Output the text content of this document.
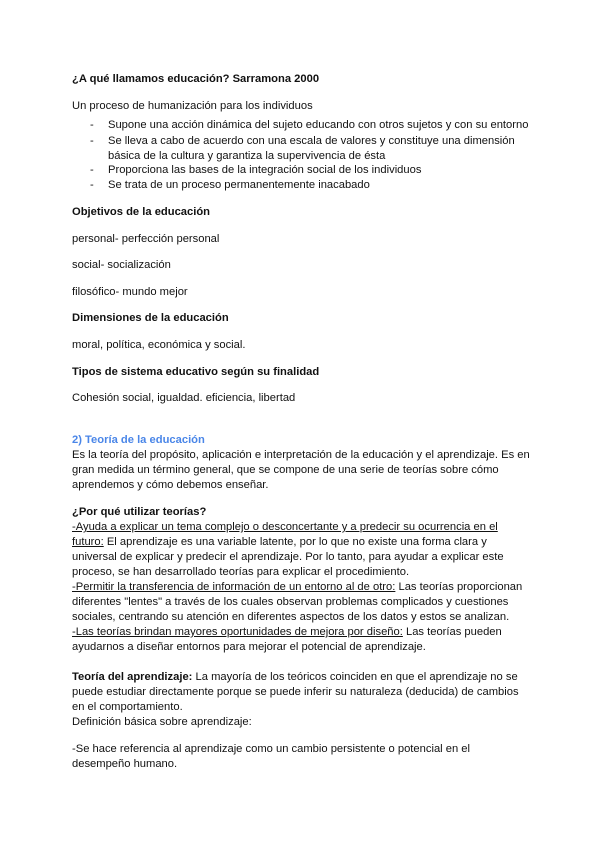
¿A qué llamamos educación? Sarramona 2000
Un proceso de humanización para los individuos
- Supone una acción dinámica del sujeto educando con otros sujetos y con su entorno
- Se lleva a cabo de acuerdo con una escala de valores y constituye una dimensión
básica de la cultura y garantiza la supervivencia de ésta
- Proporciona las bases de la integración social de los individuos
- Se trata de un proceso permanentemente inacabado
Objetivos de la educación
personal- perfección personal
social- socialización
filosófico- mundo mejor
Dimensiones de la educación
moral, política, económica y social.
Tipos de sistema educativo según su finalidad
Cohesión social, igualdad. eficiencia, libertad
2) Teoría de la educación
Es la teoría del propósito, aplicación e interpretación de la educación y el aprendizaje. Es en
gran medida un término general, que se compone de una serie de teorías sobre cómo
aprendemos y cómo debemos enseñar.
¿Por qué utilizar teorías?
-Ayuda a explicar un tema complejo o desconcertante y a predecir su ocurrencia en el
futuro: El aprendizaje es una variable latente, por lo que no existe una forma clara y
universal de explicar y predecir el aprendizaje. Por lo tanto, para ayudar a explicar este
proceso, se han desarrollado teorías para explicar el procedimiento.
-Permitir la transferencia de información de un entorno al de otro: Las teorías proporcionan
diferentes "lentes" a través de los cuales observan problemas complicados y cuestiones
sociales, centrando su atención en diferentes aspectos de los datos y estos se analizan.
-Las teorías brindan mayores oportunidades de mejora por diseño: Las teorías pueden
ayudarnos a diseñar entornos para mejorar el potencial de aprendizaje.
Teoría del aprendizaje: La mayoría de los teóricos coinciden en que el aprendizaje no se
puede estudiar directamente porque se puede inferir su naturaleza (deducida) de cambios
en el comportamiento.
Definición básica sobre aprendizaje:
-Se hace referencia al aprendizaje como un cambio persistente o potencial en el
desempeño humano.
